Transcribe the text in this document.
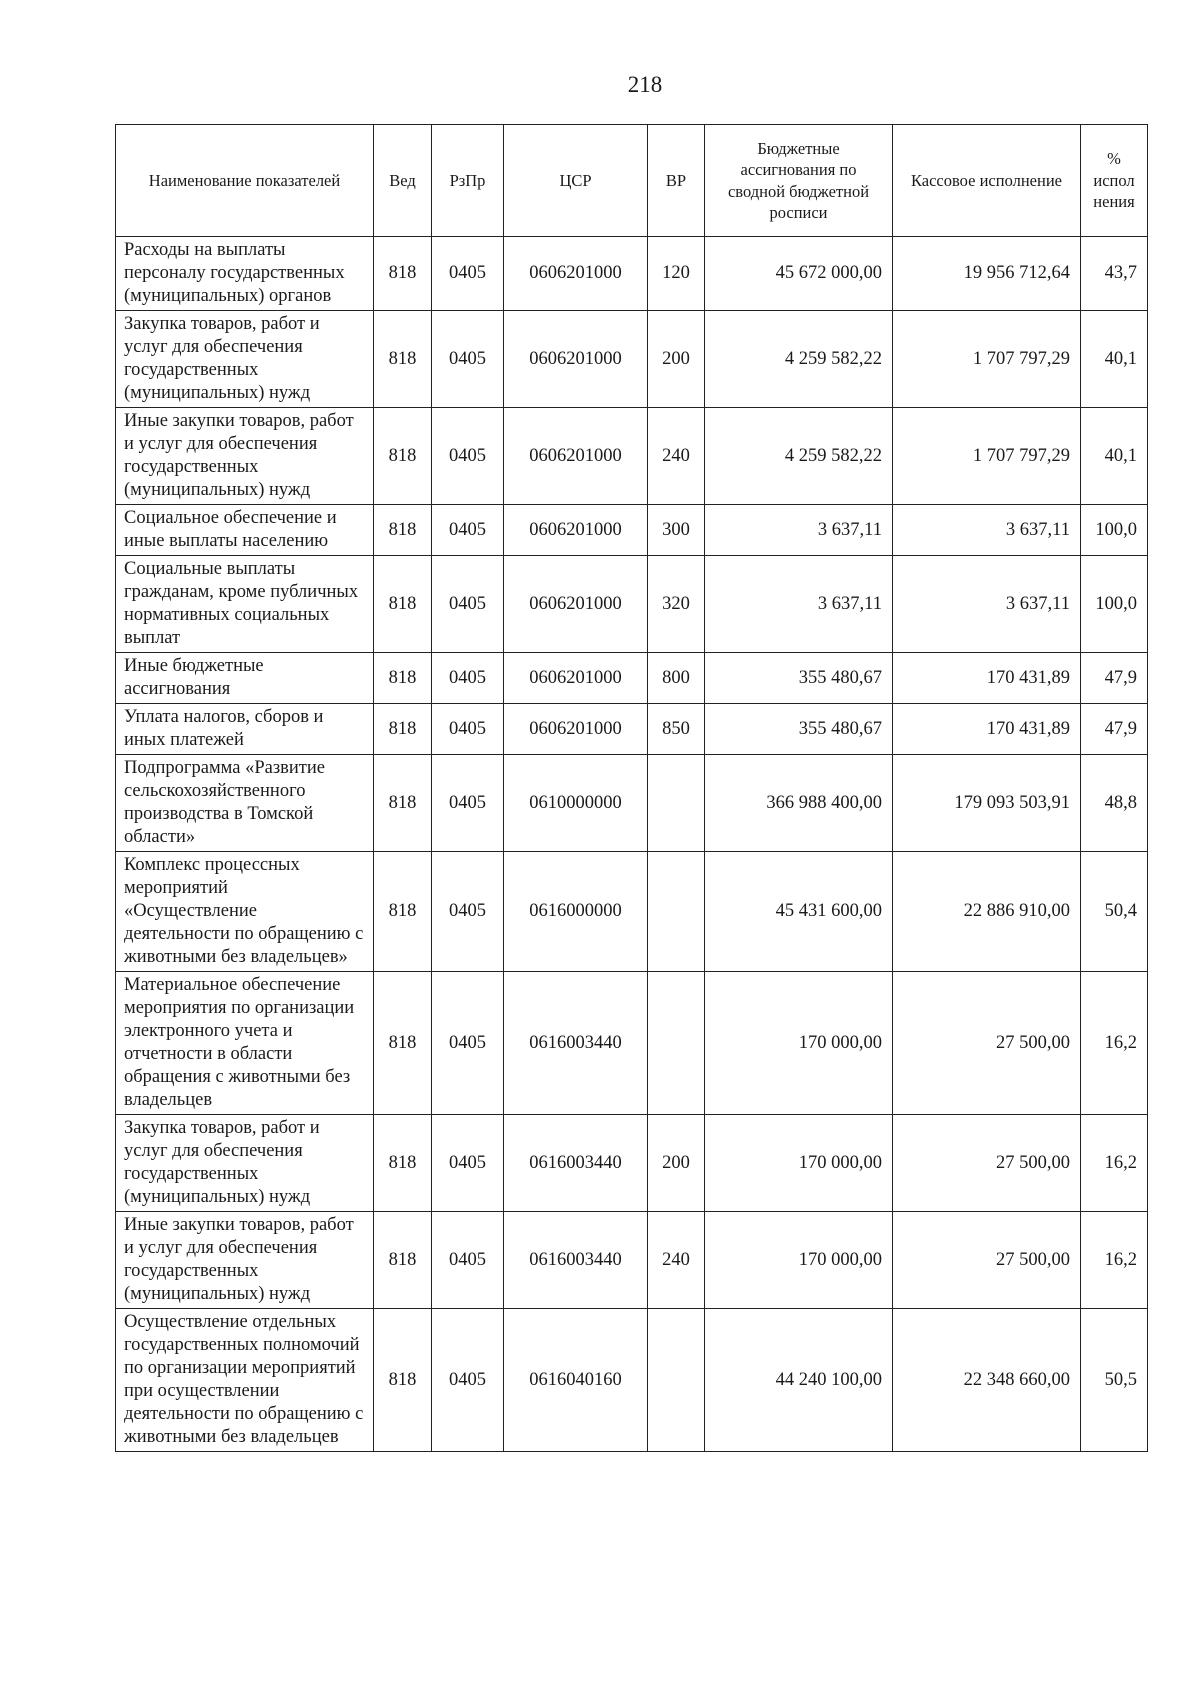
218
Наименование показателей	Вед	РзПр	ЦСР	ВР	Бюджетные ассигнования по сводной бюджетной росписи	Кассовое исполнение	% испол нения
Расходы на выплаты персоналу государственных (муниципальных) органов	818	0405	0606201000	120	45 672 000,00	19 956 712,64	43,7
Закупка товаров, работ и услуг для обеспечения государственных (муниципальных) нужд	818	0405	0606201000	200	4 259 582,22	1 707 797,29	40,1
Иные закупки товаров, работ и услуг для обеспечения государственных (муниципальных) нужд	818	0405	0606201000	240	4 259 582,22	1 707 797,29	40,1
Социальное обеспечение и иные выплаты населению	818	0405	0606201000	300	3 637,11	3 637,11	100,0
Социальные выплаты гражданам, кроме публичных нормативных социальных выплат	818	0405	0606201000	320	3 637,11	3 637,11	100,0
Иные бюджетные ассигнования	818	0405	0606201000	800	355 480,67	170 431,89	47,9
Уплата налогов, сборов и иных платежей	818	0405	0606201000	850	355 480,67	170 431,89	47,9
Подпрограмма «Развитие сельскохозяйственного производства в Томской области»	818	0405	0610000000		366 988 400,00	179 093 503,91	48,8
Комплекс процессных мероприятий «Осуществление деятельности по обращению с животными без владельцев»	818	0405	0616000000		45 431 600,00	22 886 910,00	50,4
Материальное обеспечение мероприятия по организации электронного учета и отчетности в области обращения с животными без владельцев	818	0405	0616003440		170 000,00	27 500,00	16,2
Закупка товаров, работ и услуг для обеспечения государственных (муниципальных) нужд	818	0405	0616003440	200	170 000,00	27 500,00	16,2
Иные закупки товаров, работ и услуг для обеспечения государственных (муниципальных) нужд	818	0405	0616003440	240	170 000,00	27 500,00	16,2
Осуществление отдельных государственных полномочий по организации мероприятий при осуществлении деятельности по обращению с животными без владельцев	818	0405	0616040160		44 240 100,00	22 348 660,00	50,5
